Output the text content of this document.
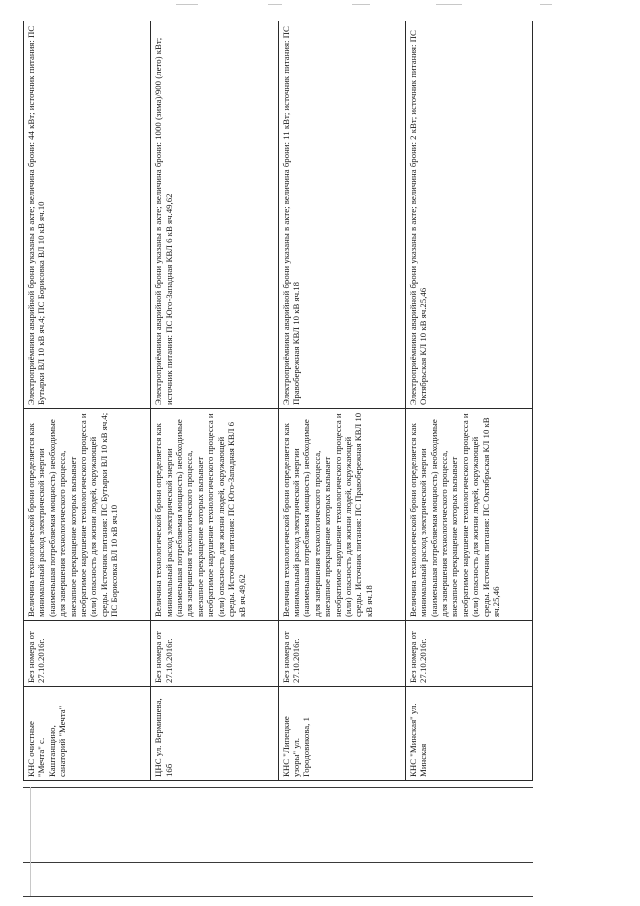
КНС очистные "Мечта" с. Каштанщино, санаторий "Мечта"	Без номера от 27.10.2016г.	Величина технологической брони определяется как минимальный расход электрической энергии (наименьшая потребляемая мощность) необходимые для завершения технологического процесса, внезапное прекращение которых вызывает необратимое нарушение технологического процесса и (или) опасность для жизни людей, окружающей среды. Источник питания: ПС Бутырки ВЛ 10 кВ яч.4; ПС Борисовка ВЛ 10 кВ яч.10	Электроприёмники аварийной брони указаны в акте; величина брони: 44 кВт; источник питания: ПС Бутырки ВЛ 10 кВ яч.4; ПС Борисовка ВЛ 10 кВ яч.10
ЦНС ул. Вермишева, 16б	Без номера от 27.10.2016г.	Величина технологической брони определяется как минимальный расход электрической энергии (наименьшая потребляемая мощность) необходимые для завершения технологического процесса, внезапное прекращение которых вызывает необратимое нарушение технологического процесса и (или) опасность для жизни людей, окружающей среды. Источник питания: ПС Юго-Западная КВЛ 6 кВ яч.49,62	Электроприёмники аварийной брони указаны в акте; величина брони: 1000 (зима)/900 (лето) кВт; источник питания: ПС Юго-Западная КВЛ 6 кВ яч.49,62
КНС "Липецкие узоры" ул. Городовикова, 1	Без номера от 27.10.2016г.	Величина технологической брони определяется как минимальный расход электрической энергии (наименьшая потребляемая мощность) необходимые для завершения технологического процесса, внезапное прекращение которых вызывает необратимое нарушение технологического процесса и (или) опасность для жизни людей, окружающей среды. Источник питания: ПС Правобережная КВЛ 10 кВ яч.18	Электроприёмники аварийной брони указаны в акте; величина брони: 11 кВт; источник питания: ПС Правобережная КВЛ 10 кВ яч.18
КНС "Минская" ул. Минская	Без номера от 27.10.2016г.	Величина технологической брони определяется как минимальный расход электрической энергии (наименьшая потребляемая мощность) необходимые для завершения технологического процесса, внезапное прекращение которых вызывает необратимое нарушение технологического процесса и (или) опасность для жизни людей, окружающей среды. Источник питания: ПС Октябрьская КЛ 10 кВ яч.25,46	Электроприёмники аварийной брони указаны в акте; величина брони: 2 кВт; источник питания: ПС Октябрьская КЛ 10 кВ яч.25,46
